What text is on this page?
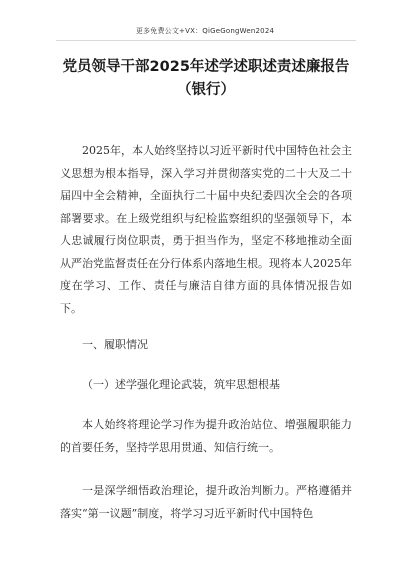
更多免费公文+VX：QiGeGongWen2024
党员领导干部2025年述学述职述责述廉报告（银行）
2025年，本人始终坚持以习近平新时代中国特色社会主义思想为根本指导，深入学习并贯彻落实党的二十大及二十届四中全会精神，全面执行二十届中央纪委四次全会的各项部署要求。在上级党组织与纪检监察组织的坚强领导下，本人忠诚履行岗位职责，勇于担当作为，坚定不移地推动全面从严治党监督责任在分行体系内落地生根。现将本人2025年度在学习、工作、责任与廉洁自律方面的具体情况报告如下。
一、履职情况
（一）述学强化理论武装，筑牢思想根基
本人始终将理论学习作为提升政治站位、增强履职能力的首要任务，坚持学思用贯通、知信行统一。
一是深学细悟政治理论，提升政治判断力。严格遵循并落实“第一议题”制度，将学习习近平新时代中国特色
